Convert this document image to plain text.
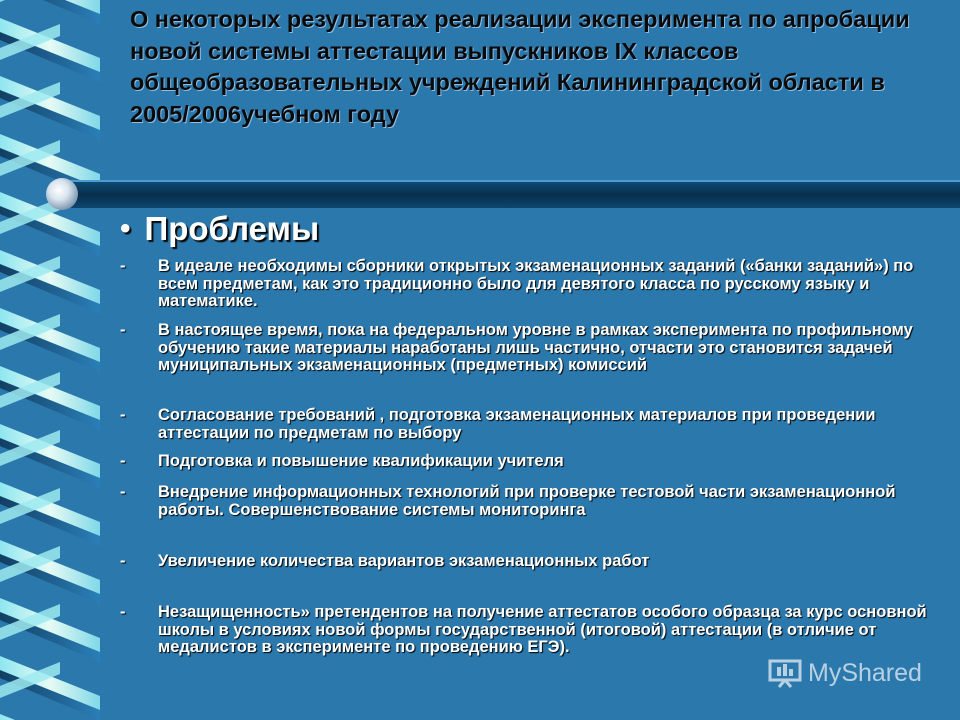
О некоторых результатах реализации эксперимента по апробации новой системы аттестации выпускников IX классов общеобразовательных учреждений Калининградской области в 2005/2006учебном году
• Проблемы
-	В идеале необходимы сборники открытых экзаменационных заданий («банки заданий») по всем предметам, как это традиционно было для девятого класса по русскому языку и математике.
-	В настоящее время, пока на федеральном уровне в рамках эксперимента по профильному обучению такие материалы наработаны лишь частично, отчасти это становится задачей муниципальных экзаменационных (предметных) комиссий
-	Согласование требований , подготовка экзаменационных материалов при проведении аттестации по предметам по выбору
-	Подготовка и повышение квалификации учителя
-	Внедрение информационных технологий при проверке тестовой части экзаменационной работы. Совершенствование системы мониторинга
-	Увеличение количества вариантов экзаменационных работ
-	Незащищенность» претендентов на получение аттестатов особого образца за курс основной школы в условиях новой формы государственной (итоговой) аттестации (в отличие от медалистов в эксперименте по проведению ЕГЭ).
MyShared
